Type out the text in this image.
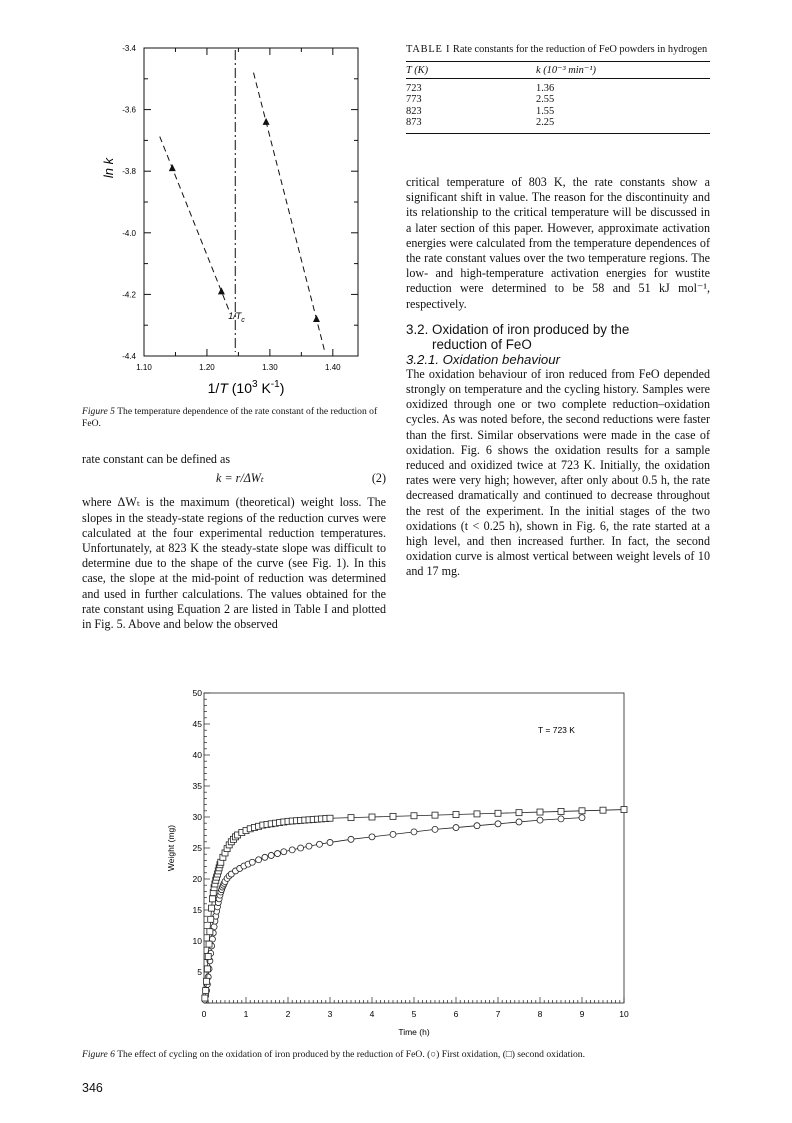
-3.4
-3.6
-3.8
-4.0
-4.2
-4.4
1.10	1.20	1.30	1.40
ln k
1/T ($10^3$ $K^{-1}$)
$1/T_c$
Figure 5 The temperature dependence of the rate constant of the reduction of FeO.
TABLE I Rate constants for the reduction of FeO powders in hydrogen
T (K)	k (10⁻³ min⁻¹)

723	1.36
773	2.55
823	1.55
873	2.25

rate constant can be defined as

k = r/ΔWₜ	(2)

where ΔWₜ is the maximum (theoretical) weight loss. The slopes in the steady-state regions of the reduction curves were calculated at the four experimental reduction temperatures. Unfortunately, at 823 K the steady-state slope was difficult to determine due to the shape of the curve (see Fig. 1). In this case, the slope at the mid-point of reduction was determined and used in further calculations. The values obtained for the rate constant using Equation 2 are listed in Table I and plotted in Fig. 5. Above and below the observed

critical temperature of 803 K, the rate constants show a significant shift in value. The reason for the discontinuity and its relationship to the critical temperature will be discussed in a later section of this paper. However, approximate activation energies were calculated from the temperature dependences of the rate constant values over the two temperature regions. The low- and high-temperature activation energies for wustite reduction were determined to be 58 and 51 kJ mol⁻¹, respectively.

3.2. Oxidation of iron produced by the
reduction of FeO
3.2.1. Oxidation behaviour

The oxidation behaviour of iron reduced from FeO depended strongly on temperature and the cycling history. Samples were oxidized through one or two complete reduction–oxidation cycles. As was noted before, the second reductions were faster than the first. Similar observations were made in the case of oxidation. Fig. 6 shows the oxidation results for a sample reduced and oxidized twice at 723 K. Initially, the oxidation rates were very high; however, after only about 0.5 h, the rate decreased dramatically and continued to decrease throughout the rest of the experiment. In the initial stages of the two oxidations (t < 0.25 h), shown in Fig. 6, the rate started at a high level, and then increased further. In fact, the second oxidation curve is almost vertical between weight levels of 10 and 17 mg.

5
10
15
20
25
30
35
40
45
50
0	1	2	3	4	5	6	7	8	9	10
Time (h)
Weight (mg)
T = 723 K
Figure 6 The effect of cycling on the oxidation of iron produced by the reduction of FeO. (○) First oxidation, (□) second oxidation.
346
